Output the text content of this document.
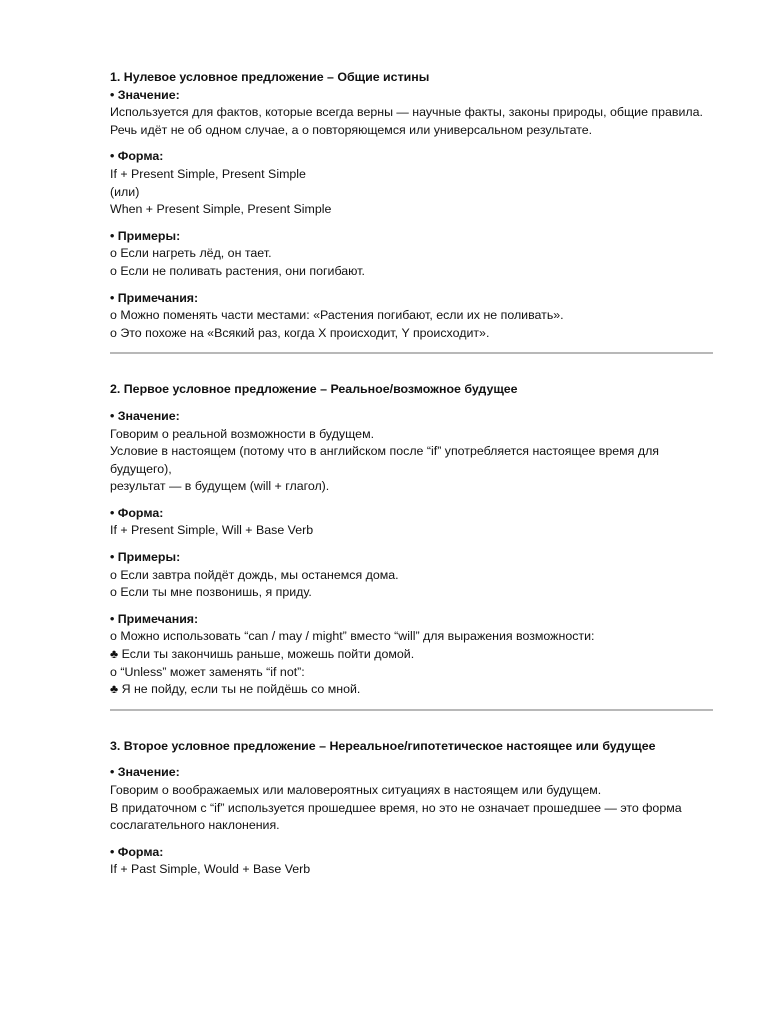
1. Нулевое условное предложение – Общие истины

• Значение:

Используется для фактов, которые всегда верны — научные факты, законы природы, общие правила.

Речь идёт не об одном случае, а о повторяющемся или универсальном результате.

• Форма:

If + Present Simple, Present Simple

(или)

When + Present Simple, Present Simple

• Примеры:

o Если нагреть лёд, он тает.

o Если не поливать растения, они погибают.

• Примечания:

o Можно поменять части местами: «Растения погибают, если их не поливать».

o Это похоже на «Всякий раз, когда X происходит, Y происходит».

2. Первое условное предложение – Реальное/возможное будущее

• Значение:

Говорим о реальной возможности в будущем.

Условие в настоящем (потому что в английском после “if” употребляется настоящее время для будущего),

результат — в будущем (will + глагол).

• Форма:

If + Present Simple, Will + Base Verb

• Примеры:

o Если завтра пойдёт дождь, мы останемся дома.

o Если ты мне позвонишь, я приду.

• Примечания:

o Можно использовать “can / may / might” вместо “will” для выражения возможности:

♣ Если ты закончишь раньше, можешь пойти домой.

o “Unless” может заменять “if not”:

♣ Я не пойду, если ты не пойдёшь со мной.

3. Второе условное предложение – Нереальное/гипотетическое настоящее или будущее

• Значение:

Говорим о воображаемых или маловероятных ситуациях в настоящем или будущем.

В придаточном с “if” используется прошедшее время, но это не означает прошедшее — это форма сослагательного наклонения.

• Форма:

If + Past Simple, Would + Base Verb
